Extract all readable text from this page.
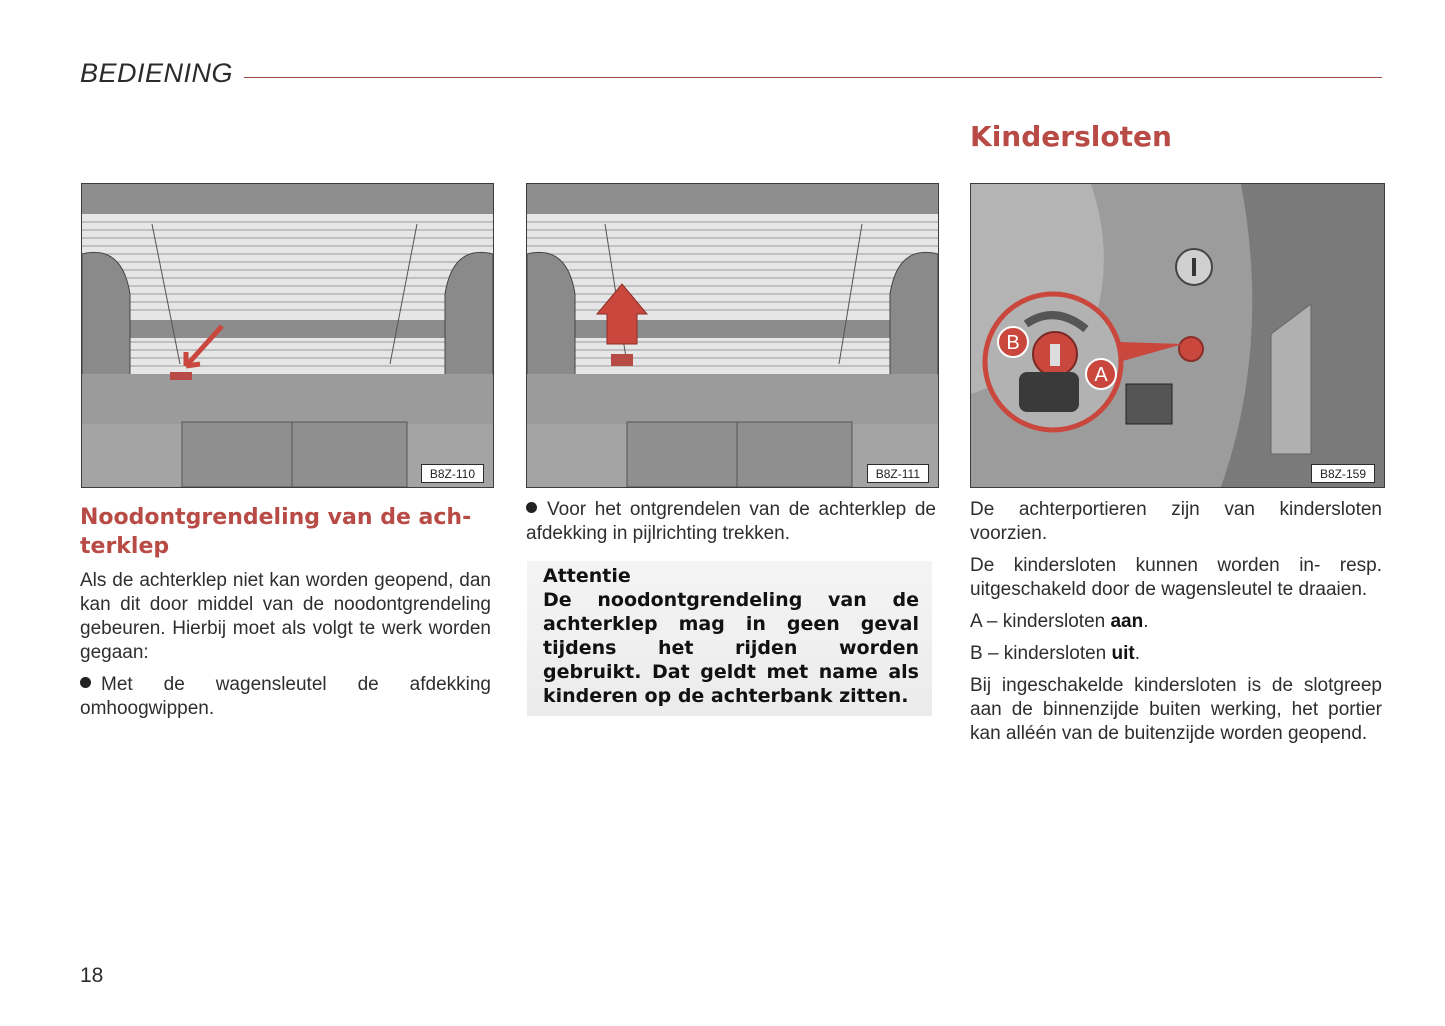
BEDIENING
Kindersloten
B8Z-110	B8Z-111
B
A
B8Z-159
Noodontgrendeling van de ach-
terklep

Als de achterklep niet kan worden geopend, dan kan dit door middel van de noodontgrendeling gebeuren. Hierbij moet als volgt te werk worden gegaan:

Met de wagensleutel de afdekking omhoogwippen.

Voor het ontgrendelen van de achterklep de afdekking in pijlrichting trekken.

Attentie

De noodontgrendeling van de achterklep mag in geen geval tijdens het rijden worden gebruikt. Dat geldt met name als kinderen op de achterbank zitten.

De achterportieren zijn van kindersloten voorzien.

De kindersloten kunnen worden in- resp. uitgeschakeld door de wagensleutel te draaien.

A – kindersloten aan.

B – kindersloten uit.

Bij ingeschakelde kindersloten is de slotgreep aan de binnenzijde buiten werking, het portier kan alléén van de buitenzijde worden geopend.

18
